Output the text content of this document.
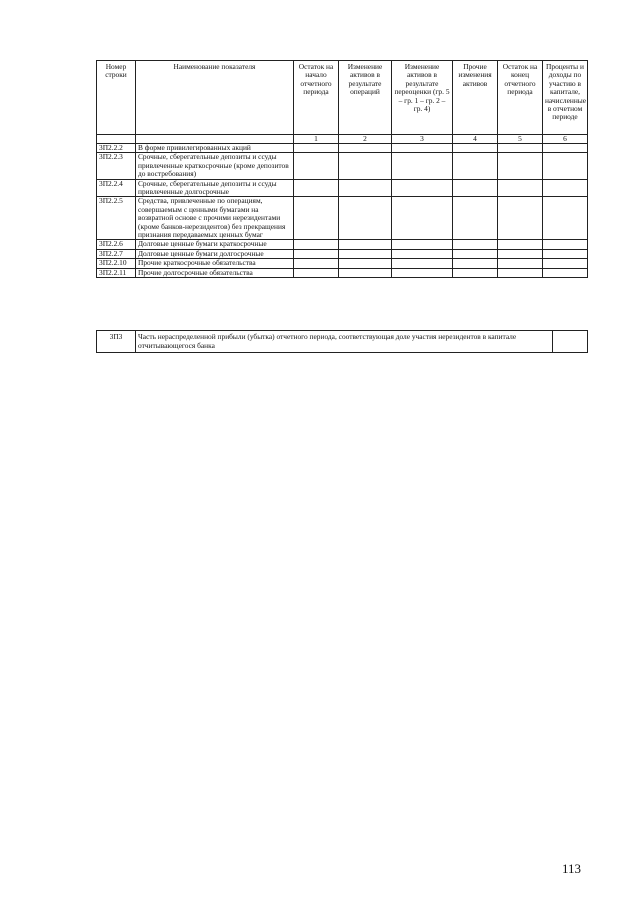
Номер строки	Наименование показателя	Остаток на начало отчетного периода	Изменение активов в результате операций	Изменение активов в результате переоценки (гр. 5 – гр. 1 – гр. 2 – гр. 4)	Прочие изменения активов	Остаток на конец отчетного периода	Проценты и доходы по участию в капитале, начисленные в отчетном периоде
		1	2	3	4	5	6
3П2.2.2	В форме привилегированных акций						
3П2.2.3	Срочные, сберегательные депозиты и ссуды привлеченные краткосрочные (кроме депозитов до востребования)						
3П2.2.4	Срочные, сберегательные депозиты и ссуды привлеченные долгосрочные						
3П2.2.5	Средства, привлеченные по операциям, совершаемым с ценными бумагами на возвратной основе с прочими нерезидентами (кроме банков-нерезидентов) без прекращения признания передаваемых ценных бумаг						
3П2.2.6	Долговые ценные бумаги краткосрочные						
3П2.2.7	Долговые ценные бумаги долгосрочные						
3П2.2.10	Прочие краткосрочные обязательства						
3П2.2.11	Прочие долгосрочные обязательства						
3П3	Часть нераспределенной прибыли (убытка) отчетного периода, соответствующая доле участия нерезидентов в капитале отчитывающегося банка	
113
